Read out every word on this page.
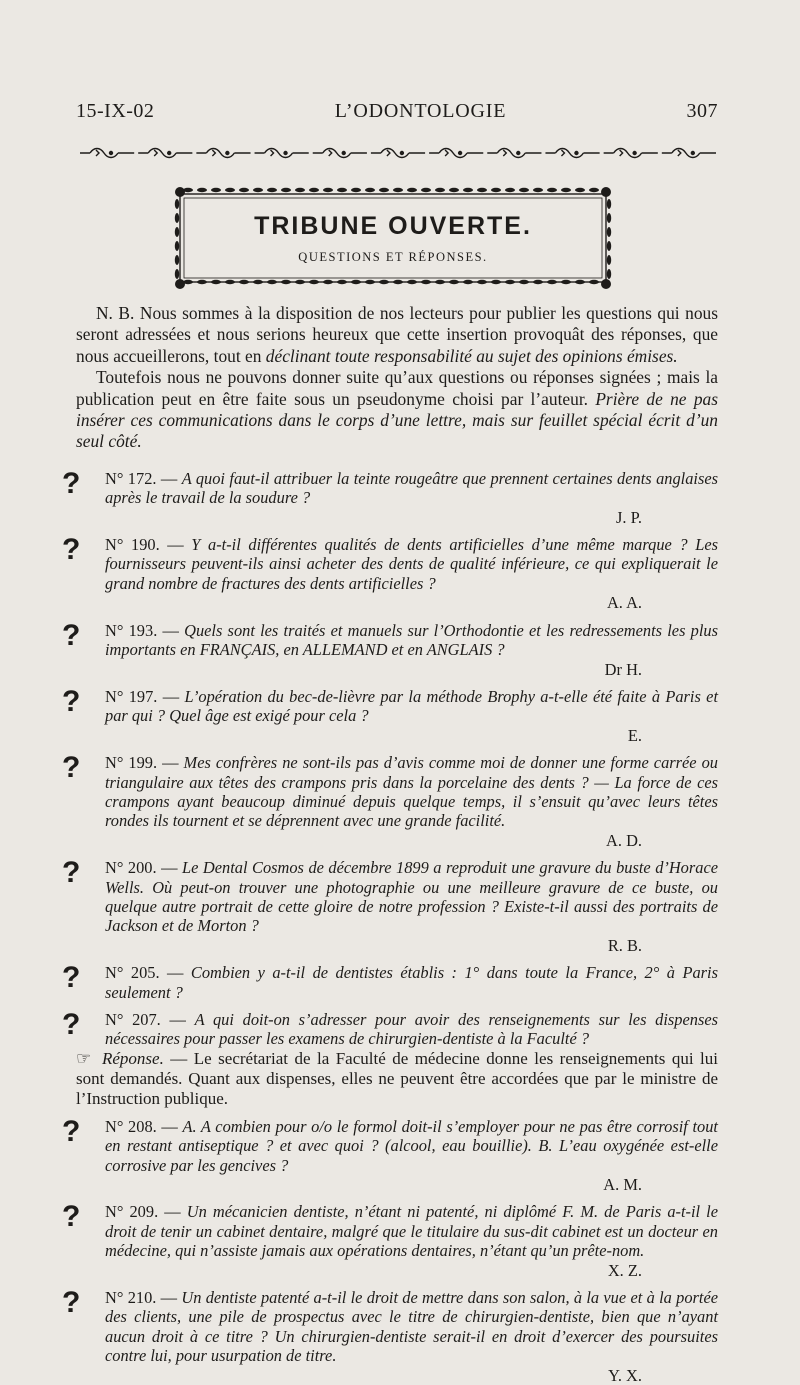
15-IX-02	L’ODONTOLOGIE	307
TRIBUNE OUVERTE.
QUESTIONS ET RÉPONSES.

N. B. Nous sommes à la disposition de nos lecteurs pour publier les questions qui nous seront adressées et nous serions heureux que cette insertion provoquât des réponses, que nous accueillerons, tout en déclinant toute responsabilité au sujet des opinions émises.

Toutefois nous ne pouvons donner suite qu’aux questions ou réponses signées ; mais la publication peut en être faite sous un pseudonyme choisi par l’auteur. Prière de ne pas insérer ces communications dans le corps d’une lettre, mais sur feuillet spécial écrit d’un seul côté.

?	N° 172. — A quoi faut-il attribuer la teinte rougeâtre que prennent certaines dents anglaises après le travail de la soudure ?
J. P.
?	N° 190. — Y a-t-il différentes qualités de dents artificielles d’une même marque ? Les fournisseurs peuvent-ils ainsi acheter des dents de qualité inférieure, ce qui expliquerait le grand nombre de fractures des dents artificielles ?
A. A.
?	N° 193. — Quels sont les traités et manuels sur l’Orthodontie et les redressements les plus importants en FRANÇAIS, en ALLEMAND et en ANGLAIS ?
Dr H.
?	N° 197. — L’opération du bec-de-lièvre par la méthode Brophy a-t-elle été faite à Paris et par qui ? Quel âge est exigé pour cela ?
E.
?	N° 199. — Mes confrères ne sont-ils pas d’avis comme moi de donner une forme carrée ou triangulaire aux têtes des crampons pris dans la porcelaine des dents ? — La force de ces crampons ayant beaucoup diminué depuis quelque temps, il s’ensuit qu’avec leurs têtes rondes ils tournent et se déprennent avec une grande facilité.
A. D.
?	N° 200. — Le Dental Cosmos de décembre 1899 a reproduit une gravure du buste d’Horace Wells. Où peut-on trouver une photographie ou une meilleure gravure de ce buste, ou quelque autre portrait de cette gloire de notre profession ? Existe-t-il aussi des portraits de Jackson et de Morton ?
R. B.
?	N° 205. — Combien y a-t-il de dentistes établis : 1° dans toute la France, 2° à Paris seulement ?
?	N° 207. — A qui doit-on s’adresser pour avoir des renseignements sur les dispenses nécessaires pour passer les examens de chirurgien-dentiste à la Faculté ?

☞ Réponse. — Le secrétariat de la Faculté de médecine donne les renseignements qui lui sont demandés. Quant aux dispenses, elles ne peuvent être accordées que par le ministre de l’Instruction publique.

?	N° 208. — A. A combien pour o/o le formol doit-il s’employer pour ne pas être corrosif tout en restant antiseptique ? et avec quoi ? (alcool, eau bouillie). B. L’eau oxygénée est-elle corrosive par les gencives ?
A. M.
?	N° 209. — Un mécanicien dentiste, n’étant ni patenté, ni diplômé F. M. de Paris a-t-il le droit de tenir un cabinet dentaire, malgré que le titulaire du sus-dit cabinet est un docteur en médecine, qui n’assiste jamais aux opérations dentaires, n’étant qu’un prête-nom.
X. Z.
?	N° 210. — Un dentiste patenté a-t-il le droit de mettre dans son salon, à la vue et à la portée des clients, une pile de prospectus avec le titre de chirurgien-dentiste, bien que n’ayant aucun droit à ce titre ? Un chirurgien-dentiste serait-il en droit d’exercer des poursuites contre lui, pour usurpation de titre.
Y. X.
